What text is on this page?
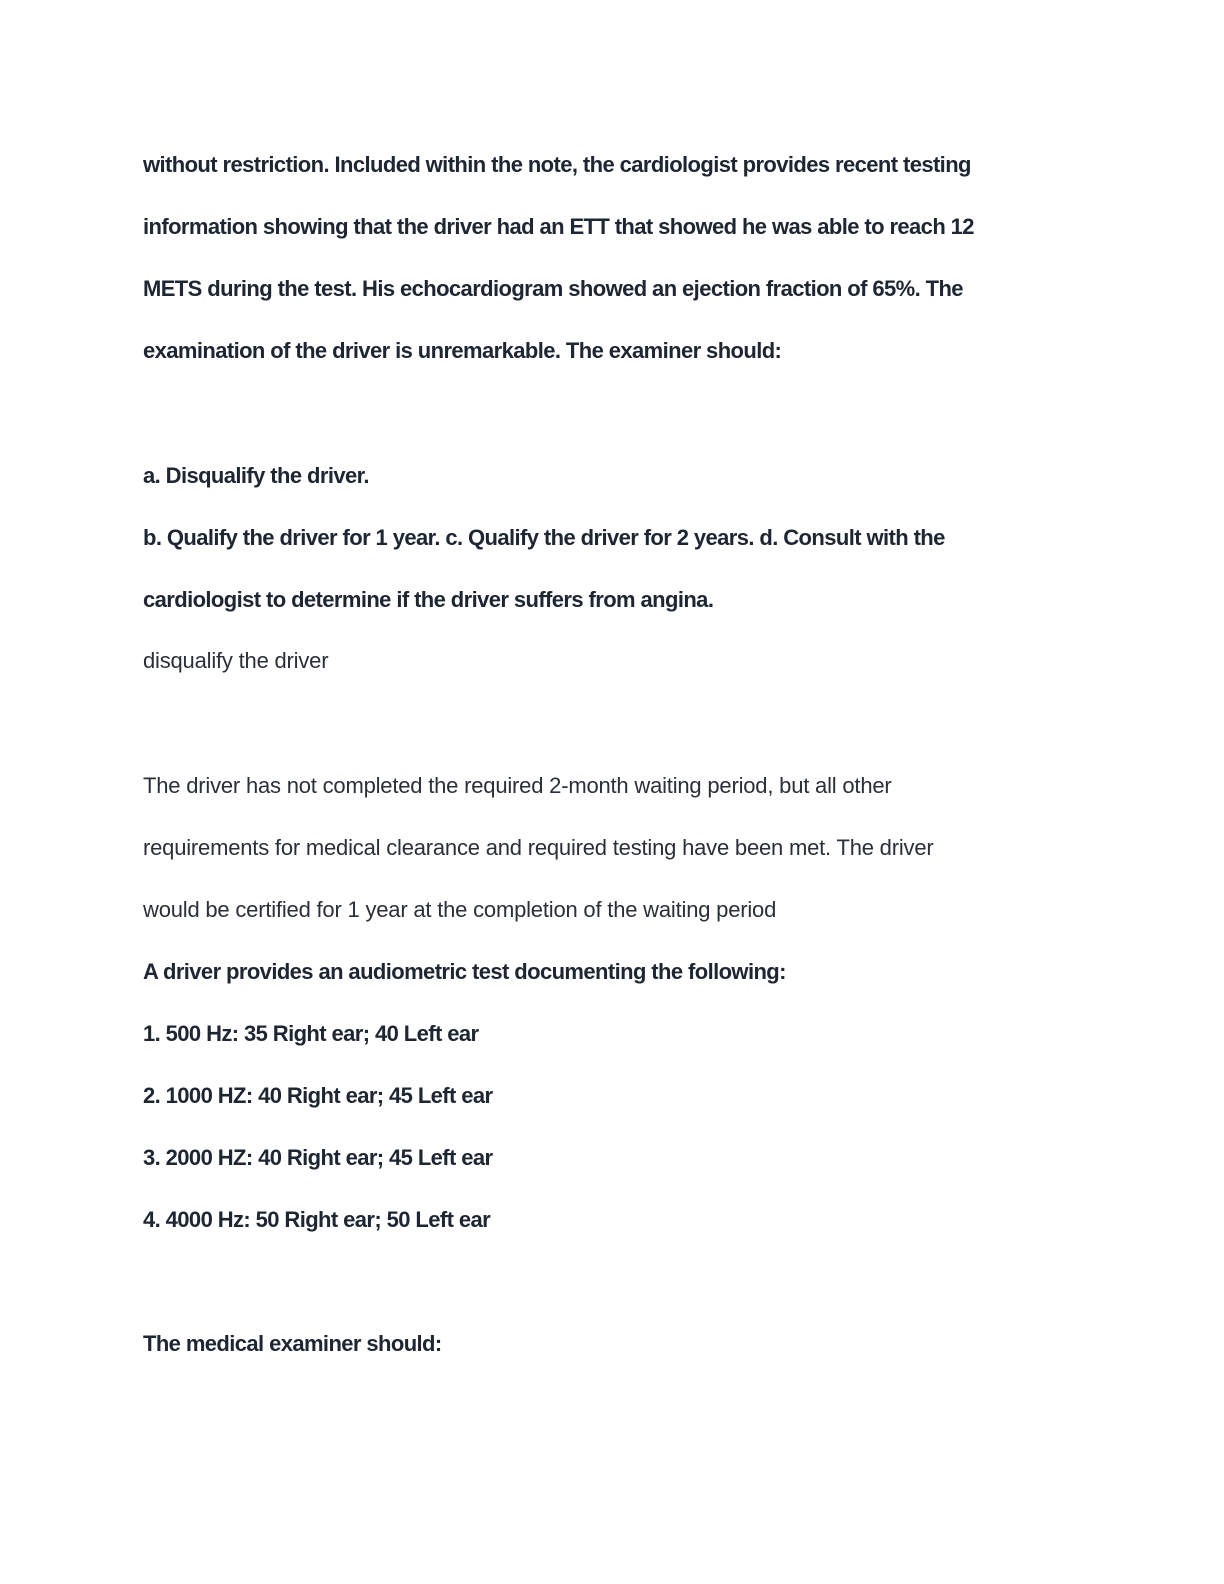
without restriction. Included within the note, the cardiologist provides recent testing
information showing that the driver had an ETT that showed he was able to reach 12
METS during the test. His echocardiogram showed an ejection fraction of 65%. The
examination of the driver is unremarkable. The examiner should:
a. Disqualify the driver.
b. Qualify the driver for 1 year. c. Qualify the driver for 2 years. d. Consult with the
cardiologist to determine if the driver suffers from angina.
disqualify the driver
The driver has not completed the required 2-month waiting period, but all other
requirements for medical clearance and required testing have been met. The driver
would be certified for 1 year at the completion of the waiting period
A driver provides an audiometric test documenting the following:
1. 500 Hz: 35 Right ear; 40 Left ear
2. 1000 HZ: 40 Right ear; 45 Left ear
3. 2000 HZ: 40 Right ear; 45 Left ear
4. 4000 Hz: 50 Right ear; 50 Left ear
The medical examiner should:
